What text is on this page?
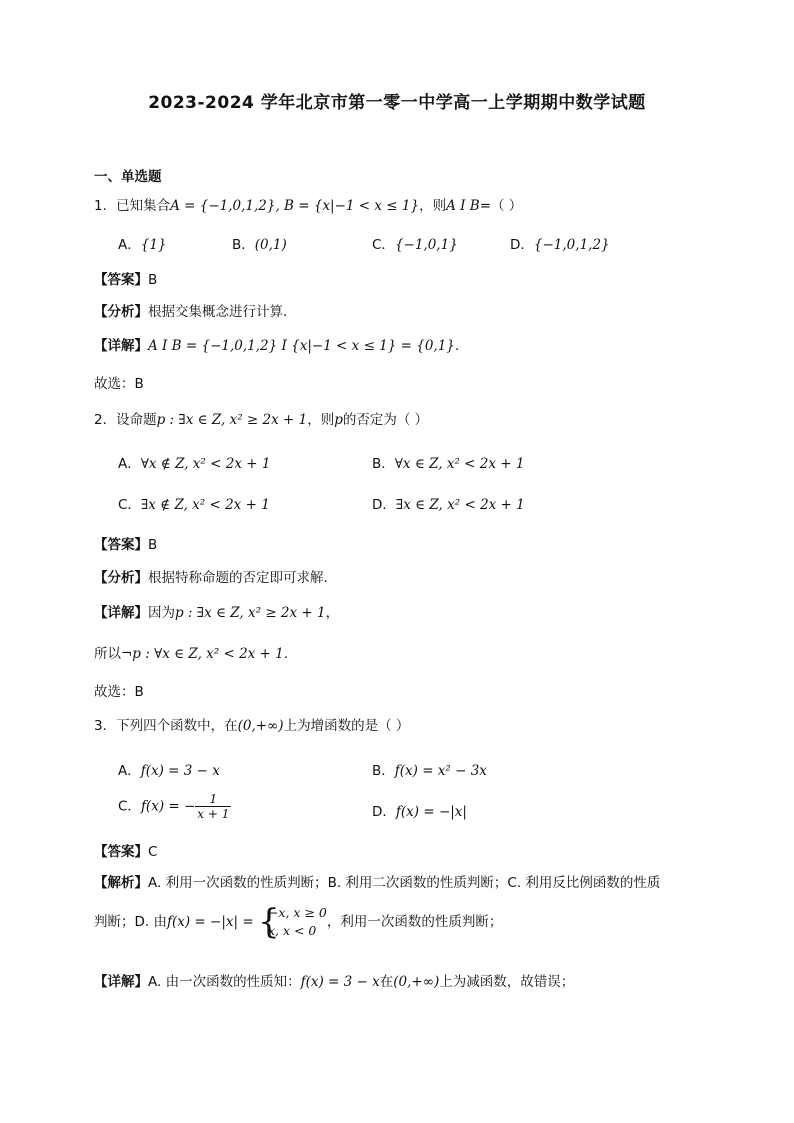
2023-2024 学年北京市第一零一中学高一上学期期中数学试题
一、单选题
1．已知集合A = {−1,0,1,2}, B = {x|−1 < x ≤ 1}，则A I B=（ ）
A．{1}	B．(0,1)	C．{−1,0,1}	D．{−1,0,1,2}
【答案】B
【分析】根据交集概念进行计算.
【详解】A I B = {−1,0,1,2} I {x|−1 < x ≤ 1} = {0,1}.
故选：B
2．设命题p : ∃x ∈ Z, x² ≥ 2x + 1，则p的否定为（ ）
A．∀x ∉ Z, x² < 2x + 1	B．∀x ∈ Z, x² < 2x + 1
C．∃x ∉ Z, x² < 2x + 1	D．∃x ∈ Z, x² < 2x + 1
【答案】B
【分析】根据特称命题的否定即可求解.
【详解】因为p : ∃x ∈ Z, x² ≥ 2x + 1，
所以¬p : ∀x ∈ Z, x² < 2x + 1.
故选：B
3．下列四个函数中，在(0,+∞)上为增函数的是（ ）
A．f(x) = 3 − x	B．f(x) = x² − 3x
C．f(x) = − $\frac{1}{x + 1}$	D．f(x) = −|x|
【答案】C
【解析】A. 利用一次函数的性质判断；B. 利用二次函数的性质判断；C. 利用反比例函数的性质
判断；D. 由f(x) = −|x| = {
−x, x ≥ 0
x, x < 0
，利用一次函数的性质判断；
【详解】A. 由一次函数的性质知：f(x) = 3 − x在(0,+∞)上为减函数，故错误；
